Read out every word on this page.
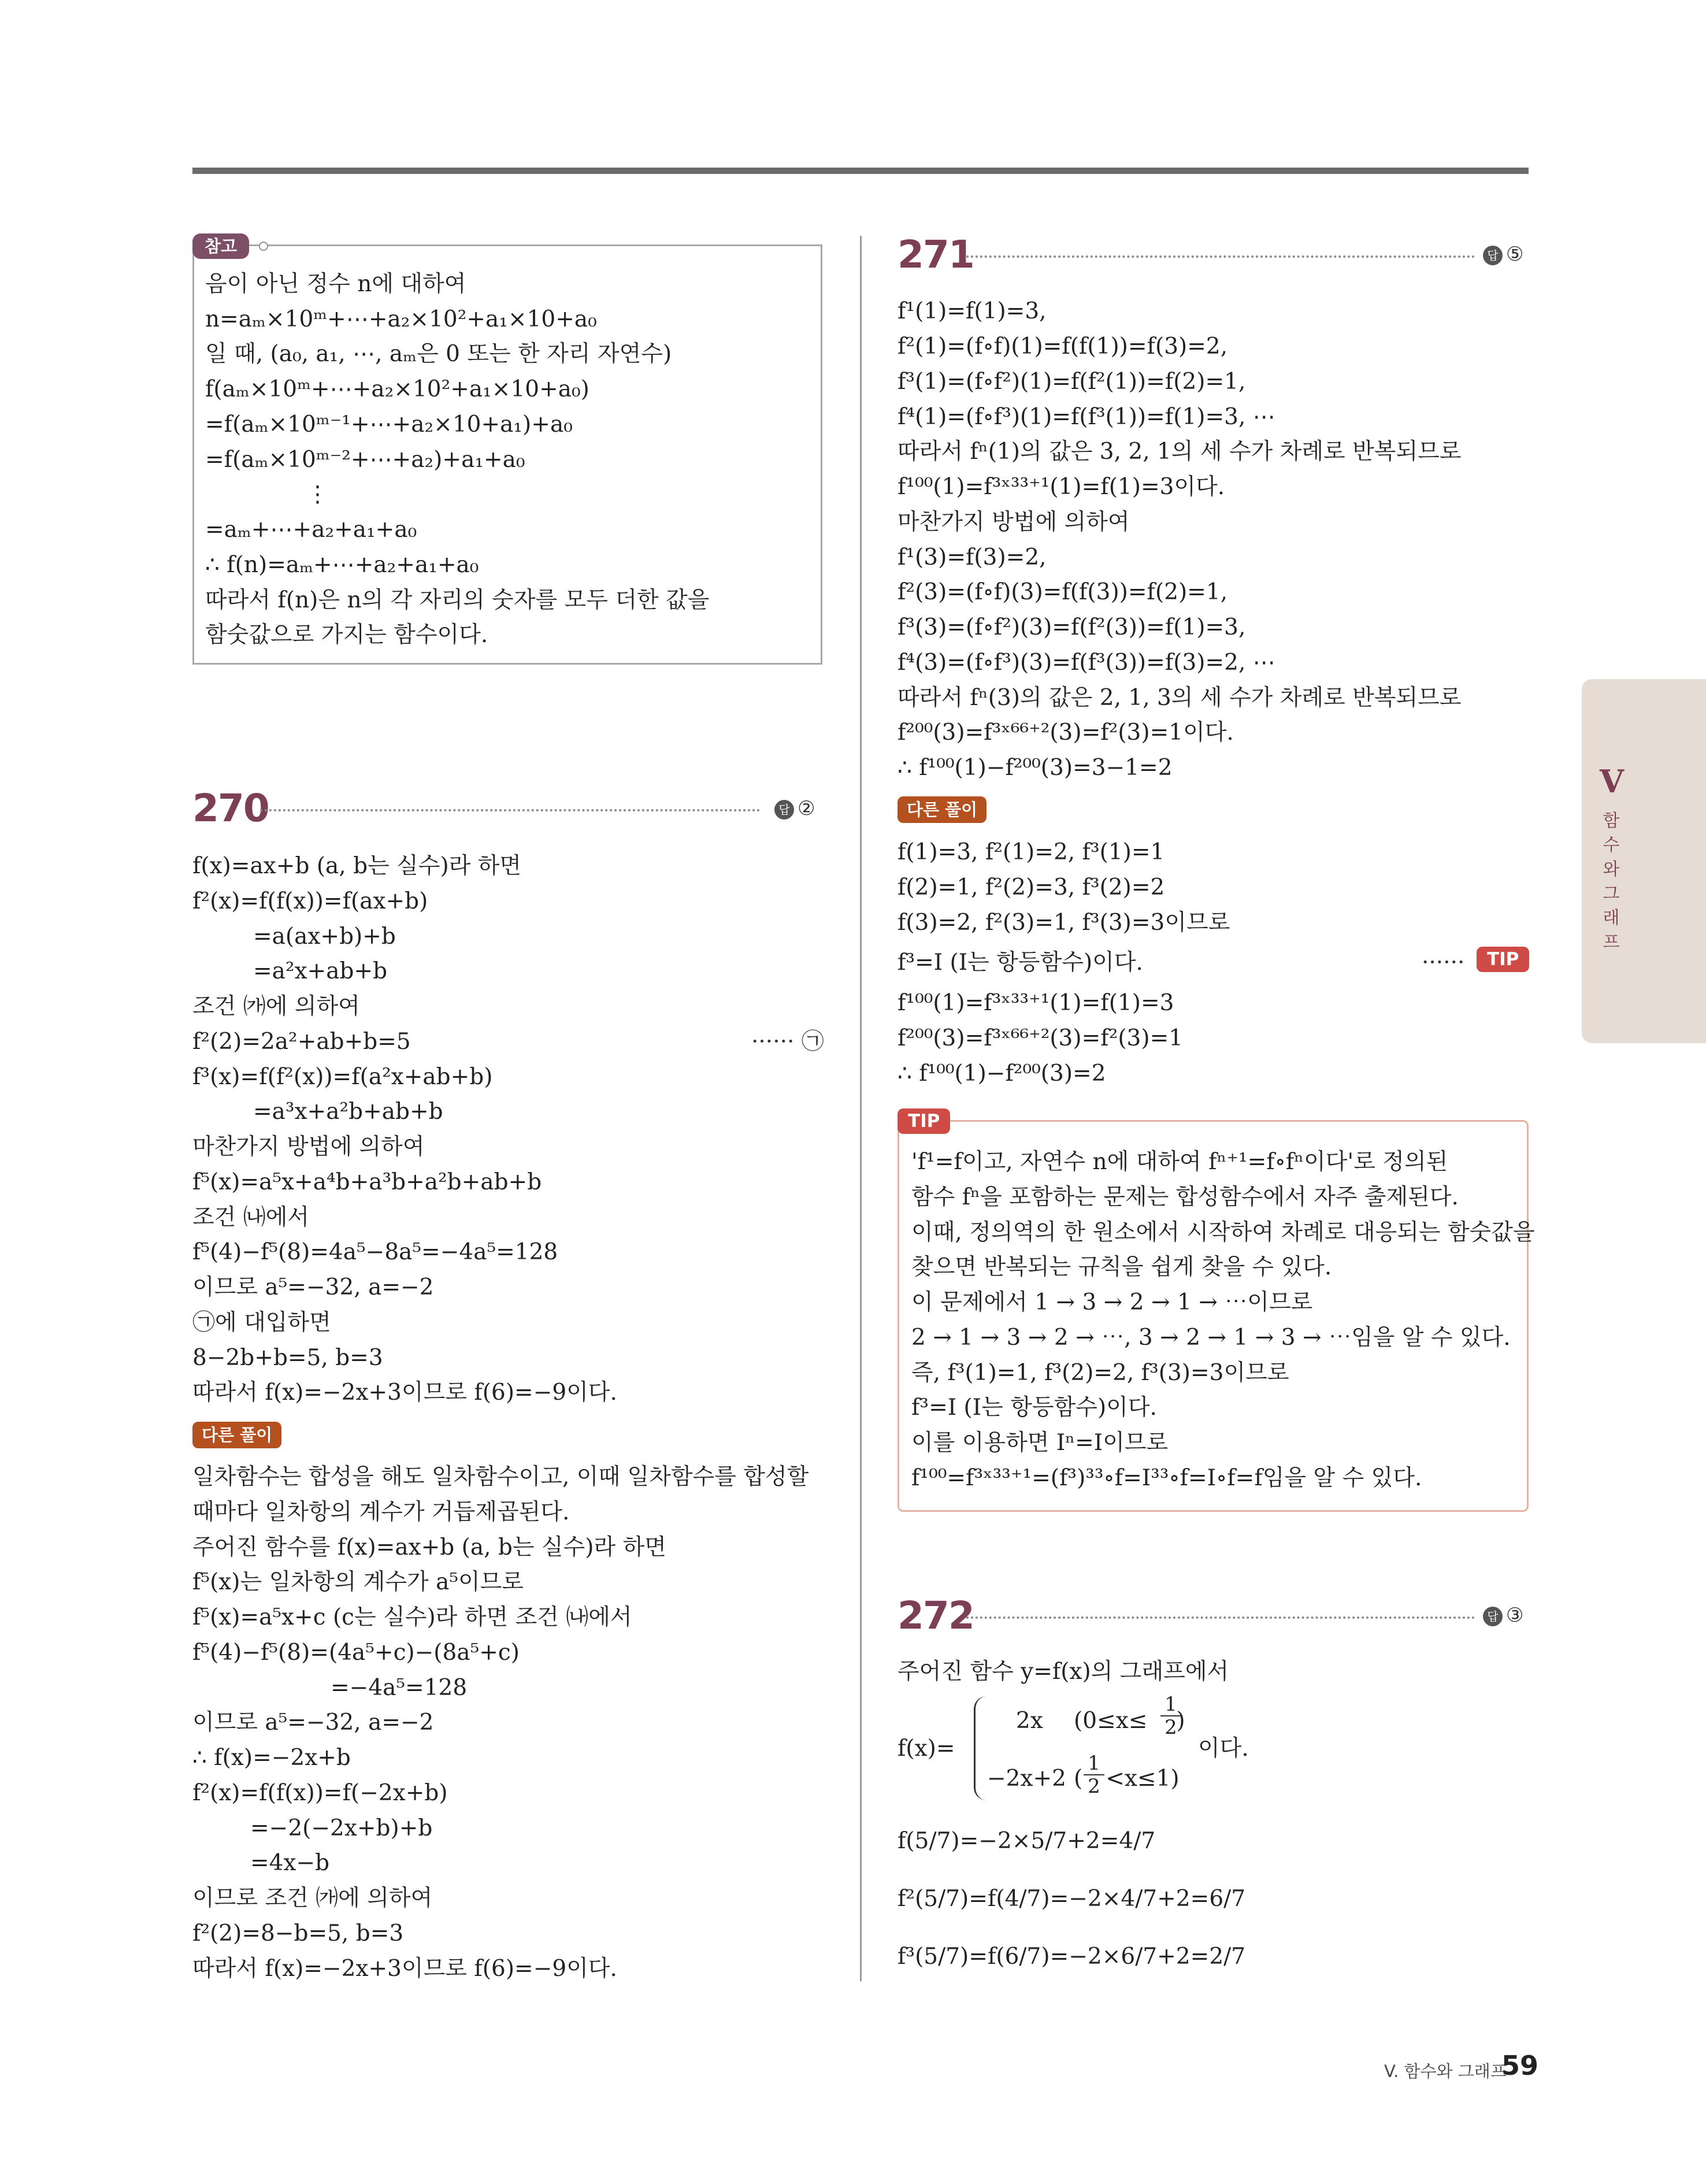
참고
음이 아닌 정수 n에 대하여
n=aₘ×10ᵐ+⋯+a₂×10²+a₁×10+a₀
일 때, (a₀, a₁, ⋯, aₘ은 0 또는 한 자리 자연수)
f(aₘ×10ᵐ+⋯+a₂×10²+a₁×10+a₀)
=f(aₘ×10ᵐ⁻¹+⋯+a₂×10+a₁)+a₀
=f(aₘ×10ᵐ⁻²+⋯+a₂)+a₁+a₀
⋮
=aₘ+⋯+a₂+a₁+a₀
∴ f(n)=aₘ+⋯+a₂+a₁+a₀
따라서 f(n)은 n의 각 자리의 숫자를 모두 더한 값을
함숫값으로 가지는 함수이다.
270	답 ②
f(x)=ax+b (a, b는 실수)라 하면
f²(x)=f(f(x))=f(ax+b)
=a(ax+b)+b
=a²x+ab+b
조건 ㈎에 의하여
f²(2)=2a²+ab+b=5	······ ㉠
f³(x)=f(f²(x))=f(a²x+ab+b)
=a³x+a²b+ab+b
마찬가지 방법에 의하여
f⁵(x)=a⁵x+a⁴b+a³b+a²b+ab+b
조건 ㈏에서
f⁵(4)−f⁵(8)=4a⁵−8a⁵=−4a⁵=128
이므로 a⁵=−32, a=−2
㉠에 대입하면
8−2b+b=5, b=3
따라서 f(x)=−2x+3이므로 f(6)=−9이다.
다른 풀이
일차함수는 합성을 해도 일차함수이고, 이때 일차함수를 합성할
때마다 일차항의 계수가 거듭제곱된다.
주어진 함수를 f(x)=ax+b (a, b는 실수)라 하면
f⁵(x)는 일차항의 계수가 a⁵이므로
f⁵(x)=a⁵x+c (c는 실수)라 하면 조건 ㈏에서
f⁵(4)−f⁵(8)=(4a⁵+c)−(8a⁵+c)
=−4a⁵=128
이므로 a⁵=−32, a=−2
∴ f(x)=−2x+b
f²(x)=f(f(x))=f(−2x+b)
=−2(−2x+b)+b
=4x−b
이므로 조건 ㈎에 의하여
f²(2)=8−b=5, b=3
따라서 f(x)=−2x+3이므로 f(6)=−9이다.
271	답 ⑤
f¹(1)=f(1)=3,
f²(1)=(f∘f)(1)=f(f(1))=f(3)=2,
f³(1)=(f∘f²)(1)=f(f²(1))=f(2)=1,
f⁴(1)=(f∘f³)(1)=f(f³(1))=f(1)=3, ⋯
따라서 fⁿ(1)의 값은 3, 2, 1의 세 수가 차례로 반복되므로
f¹⁰⁰(1)=f³ˣ³³⁺¹(1)=f(1)=3이다.
마찬가지 방법에 의하여
f¹(3)=f(3)=2,
f²(3)=(f∘f)(3)=f(f(3))=f(2)=1,
f³(3)=(f∘f²)(3)=f(f²(3))=f(1)=3,
f⁴(3)=(f∘f³)(3)=f(f³(3))=f(3)=2, ⋯
따라서 fⁿ(3)의 값은 2, 1, 3의 세 수가 차례로 반복되므로
f²⁰⁰(3)=f³ˣ⁶⁶⁺²(3)=f²(3)=1이다.
∴ f¹⁰⁰(1)−f²⁰⁰(3)=3−1=2
다른 풀이
f(1)=3, f²(1)=2, f³(1)=1
f(2)=1, f²(2)=3, f³(2)=2
f(3)=2, f²(3)=1, f³(3)=3이므로
f³=I (I는 항등함수)이다.	······	TIP
f¹⁰⁰(1)=f³ˣ³³⁺¹(1)=f(1)=3
f²⁰⁰(3)=f³ˣ⁶⁶⁺²(3)=f²(3)=1
∴ f¹⁰⁰(1)−f²⁰⁰(3)=2
TIP
'f¹=f이고, 자연수 n에 대하여 fⁿ⁺¹=f∘fⁿ이다'로 정의된
함수 fⁿ을 포함하는 문제는 합성함수에서 자주 출제된다.
이때, 정의역의 한 원소에서 시작하여 차례로 대응되는 함숫값을
찾으면 반복되는 규칙을 쉽게 찾을 수 있다.
이 문제에서 1 → 3 → 2 → 1 → ⋯이므로
2 → 1 → 3 → 2 → ⋯, 3 → 2 → 1 → 3 → ⋯임을 알 수 있다.
즉, f³(1)=1, f³(2)=2, f³(3)=3이므로
f³=I (I는 항등함수)이다.
이를 이용하면 Iⁿ=I이므로
f¹⁰⁰=f³ˣ³³⁺¹=(f³)³³∘f=I³³∘f=I∘f=f임을 알 수 있다.
272	답 ③
주어진 함수 y=f(x)의 그래프에서
f(x)=
2x (0≤x≤ )
$\frac{1}{2}$
−2x+2 ( <x≤1)
$\frac{1}{2}$
이다.
f(5/7)=−2×5/7+2=4/7
f²(5/7)=f(4/7)=−2×4/7+2=6/7
f³(5/7)=f(6/7)=−2×6/7+2=2/7
V
함수와 그래프
V. 함수와 그래프
59
